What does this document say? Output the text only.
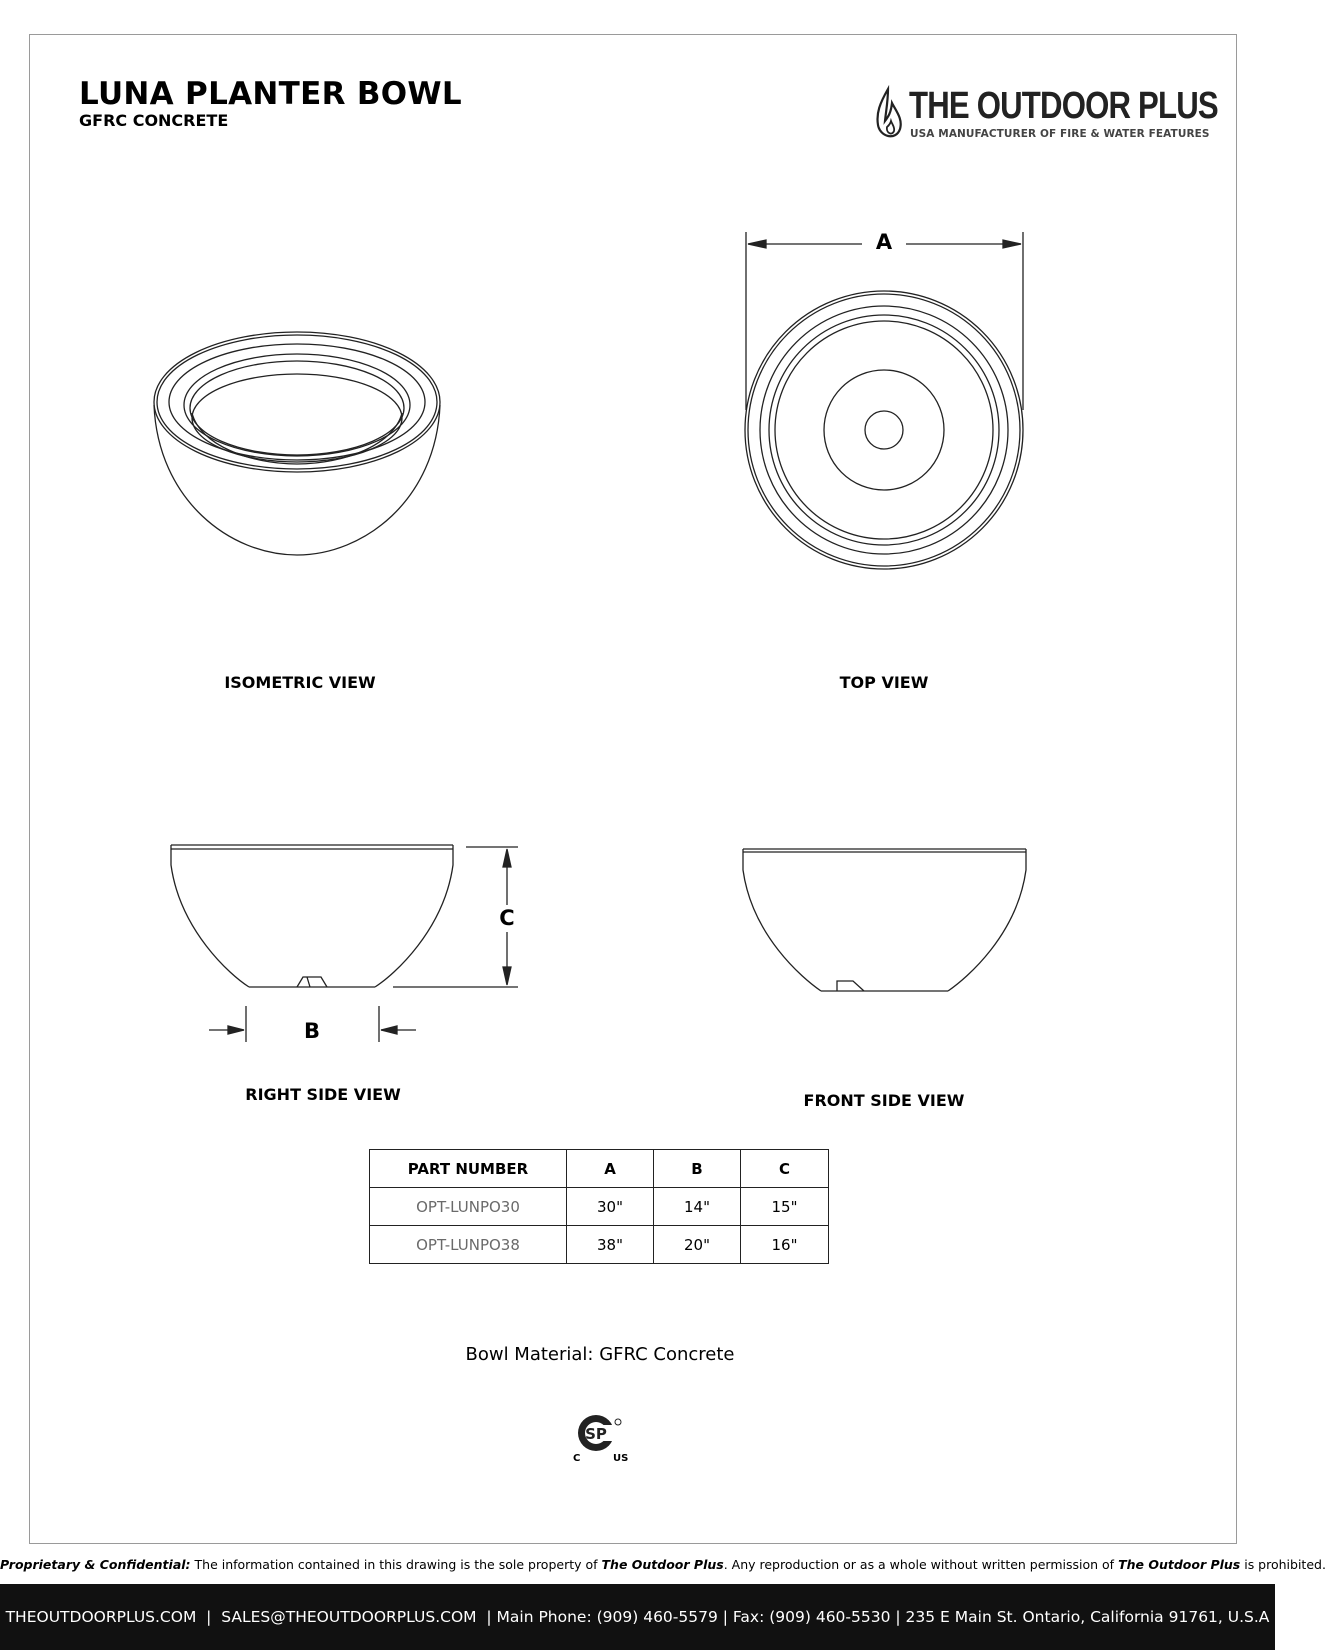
LUNA PLANTER BOWL
GFRC CONCRETE	THE OUTDOOR PLUS
USA MANUFACTURER OF FIRE & WATER FEATURES
A
C
B
ISOMETRIC VIEW	TOP VIEW
RIGHT SIDE VIEW	FRONT SIDE VIEW
PART NUMBER	A	B	C
OPT-LUNPO30	30"	14"	15"
OPT-LUNPO38	38"	20"	16"
Bowl Material: GFRC Concrete
SP
C	US
Proprietary & Confidential: The information contained in this drawing is the sole property of The Outdoor Plus. Any reproduction or as a whole without written permission of The Outdoor Plus is prohibited.
THEOUTDOORPLUS.COM  |  SALES@THEOUTDOORPLUS.COM  | Main Phone: (909) 460-5579 | Fax: (909) 460-5530 | 235 E Main St. Ontario, California 91761, U.S.A
